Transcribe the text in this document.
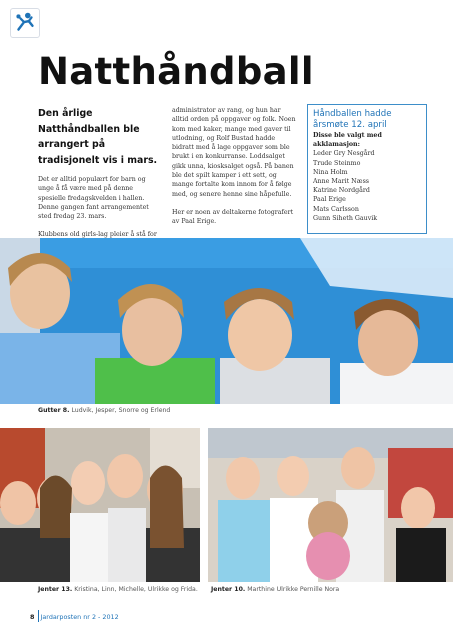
Natthåndball

Den årlige Natthåndballen ble arrangert på tradisjonelt vis i mars.

Det er alltid populært for barn og unge å få være med på denne spesielle fredagskvelden i hallen. Denne gangen fant arrangementet sted fredag 23. mars.

Klubbens old girls-lag pleier å stå for

administrator av rang, og hun har alltid orden på oppgaver og folk. Noen kom med kaker, mange med gaver til utlodning, og Rolf Bustad hadde bidratt med å lage oppgaver som ble brukt i en konkurranse. Loddsalget gikk unna, kiosksalget også. På banen ble det spilt kamper i ett sett, og mange fortalte kom innom for å følge med, og senere henne sine håpefulle.

Her er noen av deltakerne fotografert av Paal Erige.

Håndballen hadde årsmøte 12. april
Disse ble valgt med akklamasjon:
Leder Gry Nesgård
Trude Steinmo
Nina Holm
Anne Marit Næss
Katrine Nordgård
Paal Erige
Mats Carlsson
Gunn Siheth Gauvik
Gutter 8. Ludvik, Jesper, Snorre og Erlend
Jenter 13. Kristina, Linn, Michelle, Ulrikke og Frida. Jenter 10. Marthine Ulrikke Pernille Nora
8 Jardarposten nr 2 - 2012
